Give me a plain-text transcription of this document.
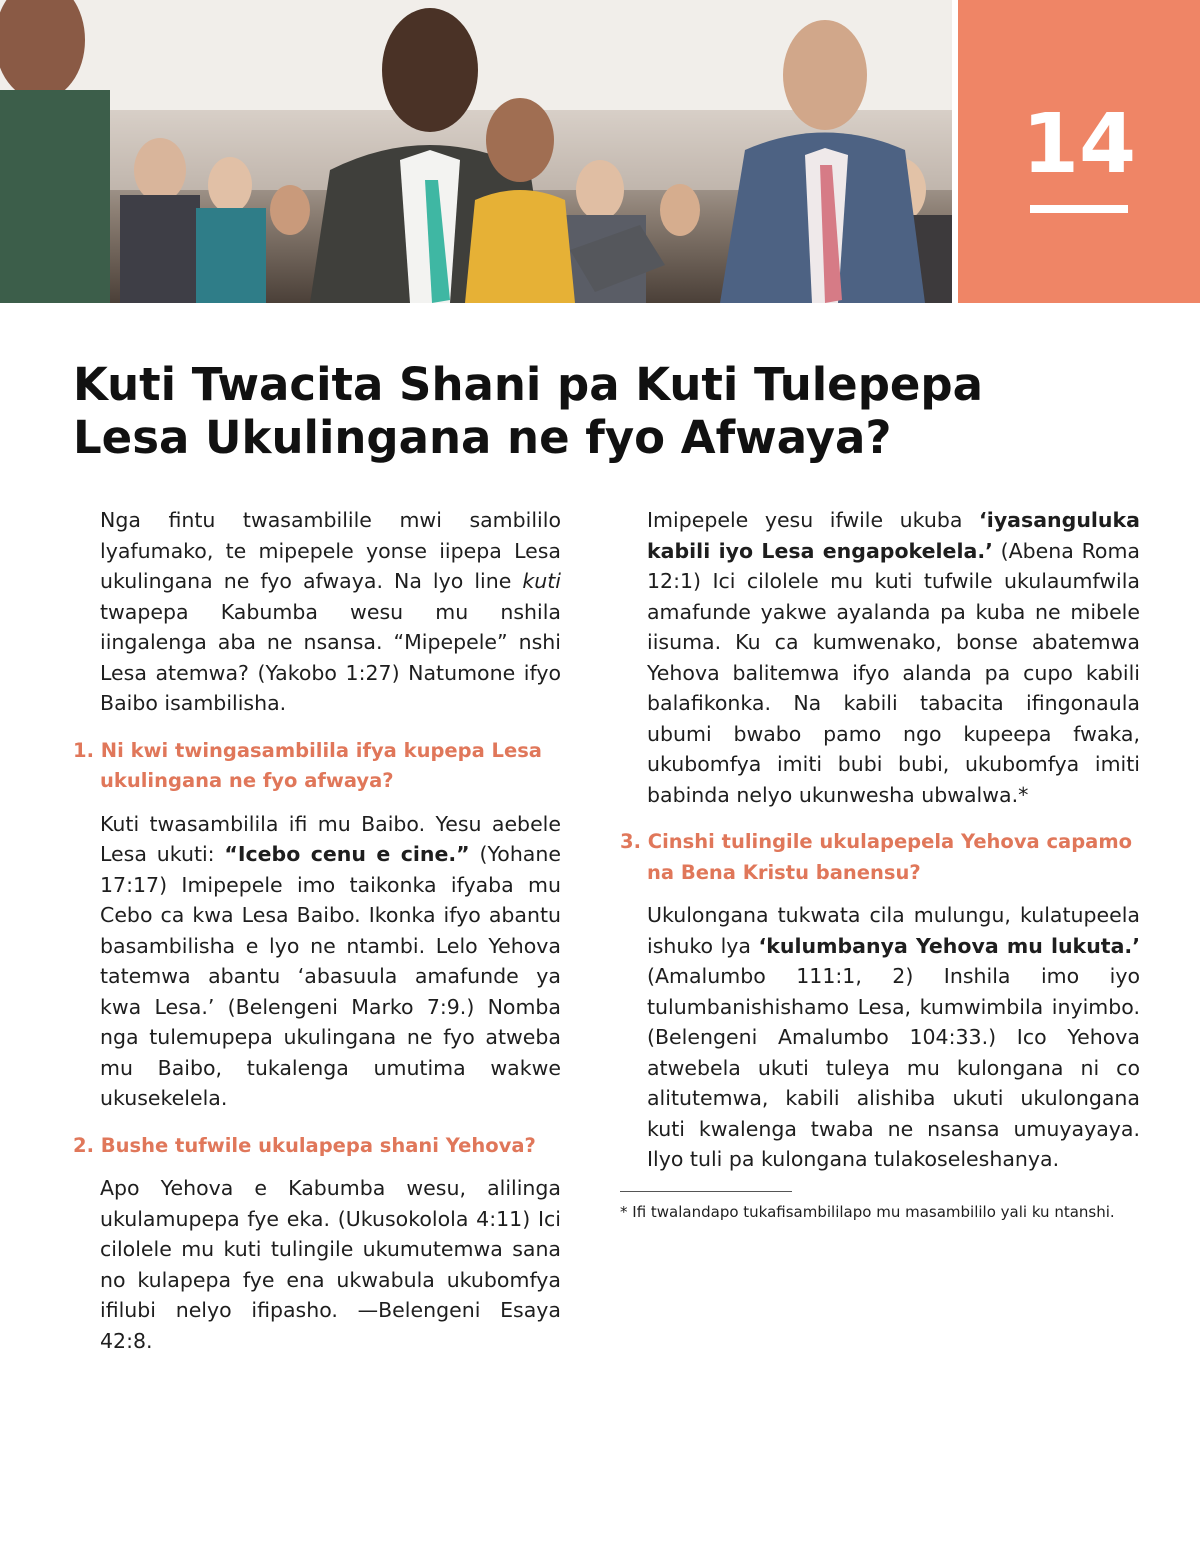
14
Kuti Twacita Shani pa Kuti Tulepepa
Lesa Ukulingana ne fyo Afwaya?

Nga fintu twasambilile mwi sambililo lyafumako, te mipepele yonse iipepa Lesa ukulingana ne fyo afwaya. Na lyo line kuti twapepa Kabumba wesu mu nshila iingalenga aba ne nsansa. “Mipepele” nshi Lesa atemwa? (Yakobo 1:27) Natumone ifyo Baibo isambilisha.

1. Ni kwi twingasambilila ifya kupepa Lesa ukulingana ne fyo afwaya?

Kuti twasambilila ifi mu Baibo. Yesu aebele Lesa ukuti: “Icebo cenu e cine.” (Yohane 17:17) Imipepele imo taikonka ifyaba mu Cebo ca kwa Lesa Baibo. Ikonka ifyo abantu basambilisha e lyo ne ntambi. Lelo Yehova tatemwa abantu ‘abasuula amafunde ya kwa Lesa.’ (Belengeni Marko 7:9.) Nomba nga tulemupepa ukulingana ne fyo atweba mu Baibo, tukalenga umutima wakwe ukusekelela.

2. Bushe tufwile ukulapepa shani Yehova?

Apo Yehova e Kabumba wesu, alilinga ukulamupepa fye eka. (Ukusokolola 4:11) Ici cilolele mu kuti tulingile ukumutemwa sana no kulapepa fye ena ukwabula ukubomfya ifilubi nelyo ifipasho. —Belengeni Esaya 42:8.

Imipepele yesu ifwile ukuba ‘iyasanguluka kabili iyo Lesa engapokelela.’ (Abena Roma 12:1) Ici cilolele mu kuti tufwile ukulaumfwila amafunde yakwe ayalanda pa kuba ne mibele iisuma. Ku ca kumwenako, bonse abatemwa Yehova balitemwa ifyo alanda pa cupo kabili balafikonka. Na kabili tabacita ifingonaula ubumi bwabo pamo ngo kupeepa fwaka, ukubomfya imiti bubi bubi, ukubomfya imiti babinda nelyo ukunwesha ubwalwa.*

3. Cinshi tulingile ukulapepela Yehova capamo na Bena Kristu banensu?

Ukulongana tukwata cila mulungu, kulatupeela ishuko lya ‘kulumbanya Yehova mu lukuta.’ (Amalumbo 111:1, 2) Inshila imo iyo tulumbanishishamo Lesa, kumwimbila inyimbo. (Belengeni Amalumbo 104:33.) Ico Yehova atwebela ukuti tuleya mu kulongana ni co alitutemwa, kabili alishiba ukuti ukulongana kuti kwalenga twaba ne nsansa umuyayaya. Ilyo tuli pa kulongana tulakoseleshanya.

* Ifi twalandapo tukafisambililapo mu masambililo yali ku ntanshi.
